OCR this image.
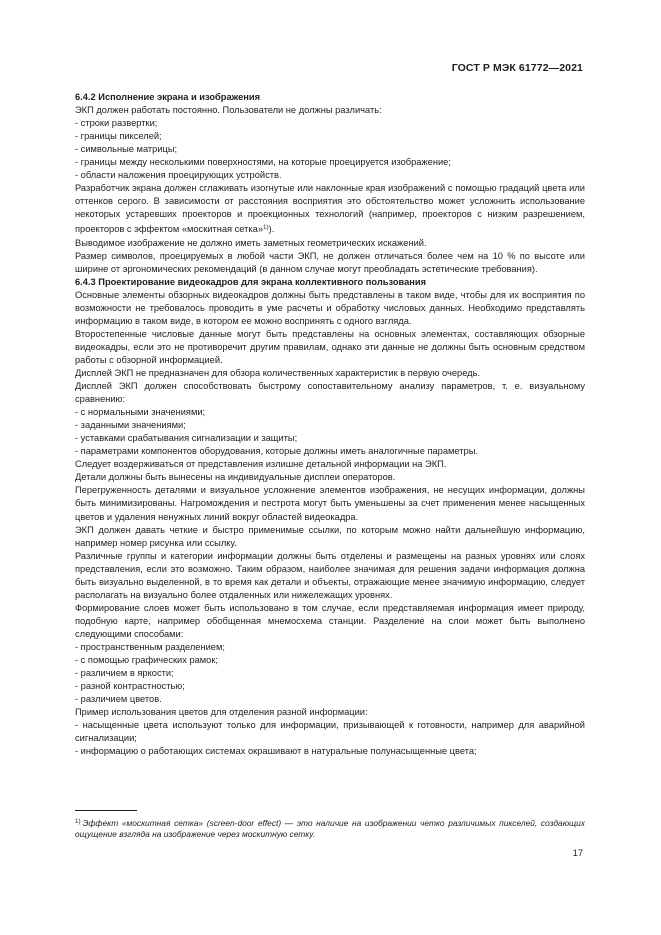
ГОСТ Р МЭК 61772—2021

6.4.2 Исполнение экрана и изображения

ЭКП должен работать постоянно. Пользователи не должны различать:

- строки развертки;

- границы пикселей;

- символьные матрицы;

- границы между несколькими поверхностями, на которые проецируется изображение;

- области наложения проецирующих устройств.

Разработчик экрана должен сглаживать изогнутые или наклонные края изображений с помощью градаций цвета или оттенков серого. В зависимости от расстояния восприятия это обстоятельство может усложнить использование некоторых устаревших проекторов и проекционных технологий (например, проекторов с низким разрешением, проекторов с эффектом «москитная сетка»$^{1)}$).

Выводимое изображение не должно иметь заметных геометрических искажений.

Размер символов, проецируемых в любой части ЭКП, не должен отличаться более чем на 10 % по высоте или ширине от эргономических рекомендаций (в данном случае могут преобладать эстетические требования).

6.4.3 Проектирование видеокадров для экрана коллективного пользования

Основные элементы обзорных видеокадров должны быть представлены в таком виде, чтобы для их восприятия по возможности не требовалось проводить в уме расчеты и обработку числовых данных. Необходимо представлять информацию в таком виде, в котором ее можно воспринять с одного взгляда.

Второстепенные числовые данные могут быть представлены на основных элементах, составляющих обзорные видеокадры, если это не противоречит другим правилам, однако эти данные не должны быть основным средством работы с обзорной информацией.

Дисплей ЭКП не предназначен для обзора количественных характеристик в первую очередь.

Дисплей ЭКП должен способствовать быстрому сопоставительному анализу параметров, т. е. визуальному сравнению:

- с нормальными значениями;

- заданными значениями;

- уставками срабатывания сигнализации и защиты;

- параметрами компонентов оборудования, которые должны иметь аналогичные параметры.

Следует воздерживаться от представления излишне детальной информации на ЭКП.

Детали должны быть вынесены на индивидуальные дисплеи операторов.

Перегруженность деталями и визуальное усложнение элементов изображения, не несущих информации, должны быть минимизированы. Нагромождения и пестрота могут быть уменьшены за счет применения менее насыщенных цветов и удаления ненужных линий вокруг областей видеокадра.

ЭКП должен давать четкие и быстро применимые ссылки, по которым можно найти дальнейшую информацию, например номер рисунка или ссылку.

Различные группы и категории информации должны быть отделены и размещены на разных уровнях или слоях представления, если это возможно. Таким образом, наиболее значимая для решения задачи информация должна быть визуально выделенной, в то время как детали и объекты, отражающие менее значимую информацию, следует располагать на визуально более отдаленных или нижележащих уровнях.

Формирование слоев может быть использовано в том случае, если представляемая информация имеет природу, подобную карте, например обобщенная мнемосхема станции. Разделение на слои может быть выполнено следующими способами:

- пространственным разделением;

- с помощью графических рамок;

- различием в яркости;

- разной контрастностью;

- различием цветов.

Пример использования цветов для отделения разной информации:

- насыщенные цвета используют только для информации, призывающей к готовности, например для аварийной сигнализации;

- информацию о работающих системах окрашивают в натуральные полунасыщенные цвета;

$^{1)}$ Эффект «москитная сетка» (screen-door effect) — это наличие на изображении четко различимых пикселей, создающих ощущение взгляда на изображение через москитную сетку.
17
